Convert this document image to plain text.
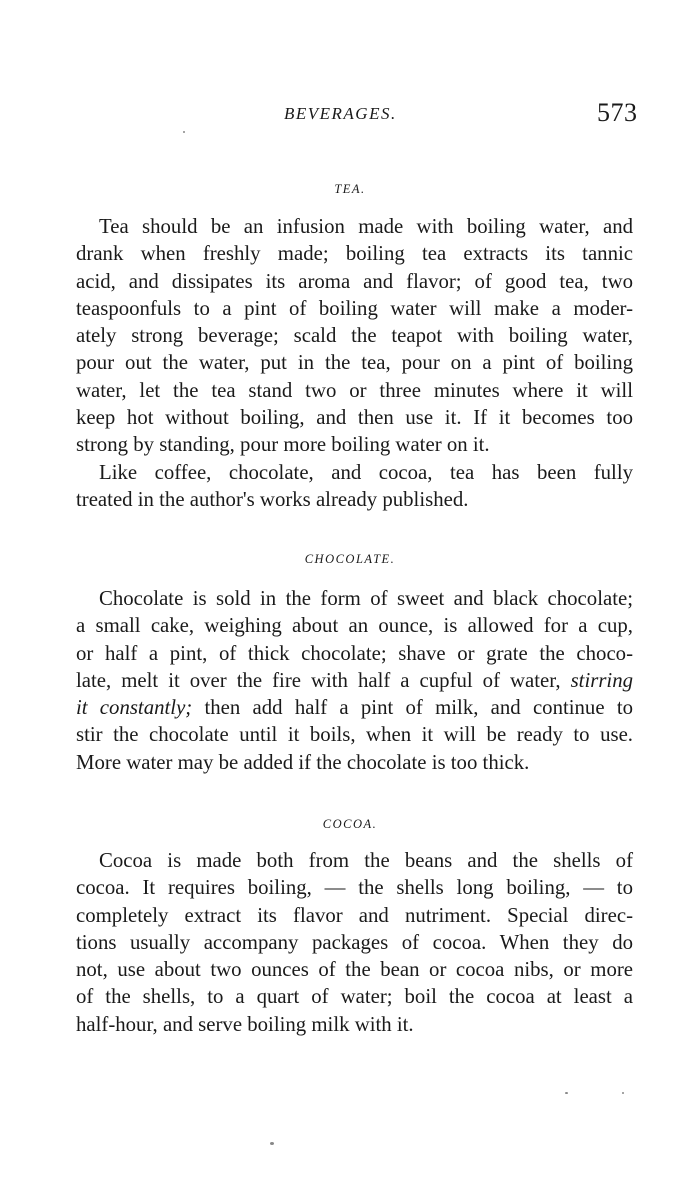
BEVERAGES.	573
TEA.
Tea should be an infusion made with boiling water, and
drank when freshly made; boiling tea extracts its tannic
acid, and dissipates its aroma and flavor; of good tea, two
teaspoonfuls to a pint of boiling water will make a moder-
ately strong beverage; scald the teapot with boiling water,
pour out the water, put in the tea, pour on a pint of boiling
water, let the tea stand two or three minutes where it will
keep hot without boiling, and then use it. If it becomes too
strong by standing, pour more boiling water on it.
Like coffee, chocolate, and cocoa, tea has been fully
treated in the author's works already published.
CHOCOLATE.
Chocolate is sold in the form of sweet and black chocolate;
a small cake, weighing about an ounce, is allowed for a cup,
or half a pint, of thick chocolate; shave or grate the choco-
late, melt it over the fire with half a cupful of water, stirring
it constantly; then add half a pint of milk, and continue to
stir the chocolate until it boils, when it will be ready to use.
More water may be added if the chocolate is too thick.
COCOA.
Cocoa is made both from the beans and the shells of
cocoa. It requires boiling, — the shells long boiling, — to
completely extract its flavor and nutriment. Special direc-
tions usually accompany packages of cocoa. When they do
not, use about two ounces of the bean or cocoa nibs, or more
of the shells, to a quart of water; boil the cocoa at least a
half-hour, and serve boiling milk with it.
